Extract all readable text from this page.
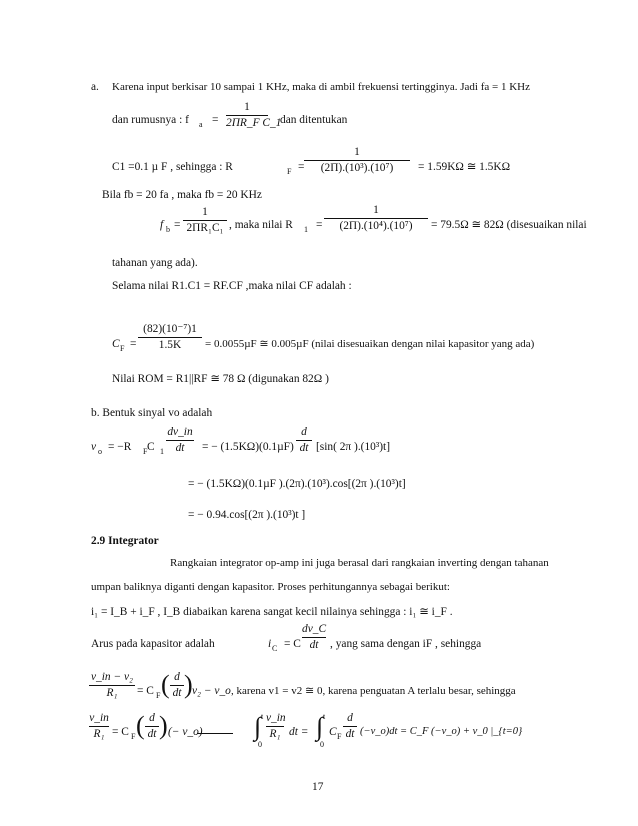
a. Karena input berkisar 10 sampai 1 KHz, maka di ambil frekuensi tertingginya. Jadi fa = 1 KHz
dan rumusnya : f a =
1
2ΠR_F C_1
dan ditentukan
C1 =0.1 µ F , sehingga : R	F =
1
(2Π).(10³).(10⁷)	= 1.59KΩ ≅ 1.5KΩ
Bila fb = 20 fa , maka fb = 20 KHz
f b =
1
2ΠR₁C₁ , maka nilai R 1 =
1
(2Π).(10⁴).(10⁷)	= 79.5Ω ≅ 82Ω (disesuaikan nilai
tahanan yang ada).
Selama nilai R1.C1 = RF.CF ,maka nilai CF adalah :
C F =
(82)(10⁻⁷)1
1.5K	= 0.0055µF ≅ 0.005µF (nilai disesuaikan dengan nilai kapasitor yang ada)
Nilai ROM = R1||RF ≅ 78 Ω (digunakan 82Ω )
b. Bentuk sinyal vo adalah
v o = −R F C 1
dv_in
dt	= − (1.5KΩ)(0.1µF)
d
dt [sin( 2π ).(10³)t]
= − (1.5KΩ)(0.1µF ).(2π).(10³).cos[(2π ).(10³)t]
= − 0.94.cos[(2π ).(10³)t ]
2.9 Integrator
Rangkaian integrator op-amp ini juga berasal dari rangkaian inverting dengan tahanan
umpan baliknya diganti dengan kapasitor. Proses perhitungannya sebagai berikut:
i₁ = I_B + i_F , I_B diabaikan karena sangat kecil nilainya sehingga : i₁ ≅ i_F .
Arus pada kapasitor adalah	i C = C
dv_C
dt	, yang sama dengan iF , sehingga
v_in − v₂
R₁	= C F ( d
dt ) v₂ − v_o , karena v1 = v2 ≅ 0, karena penguatan A terlalu besar, sehingga
v_in
R₁ = C F ( d
dt ) (− v_o) ∫ t
0
v_in
R₁ dt = ∫ t
0
C F
d
dt (−v_o)dt = C_F (−v_o) + v_0 |_{t=0}
17
